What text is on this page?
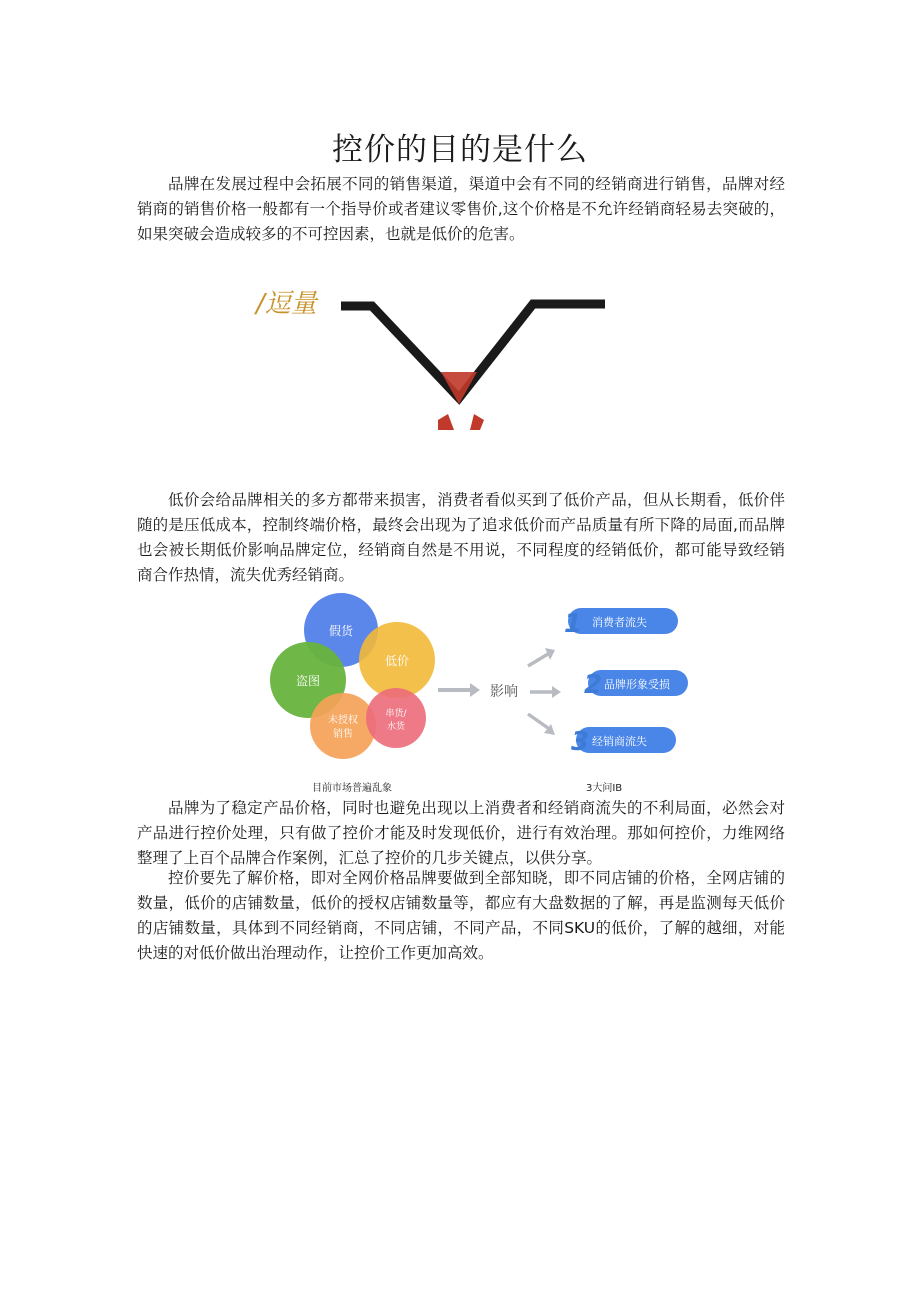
控价的目的是什么

品牌在发展过程中会拓展不同的销售渠道，渠道中会有不同的经销商进行销售，品牌对经销商的销售价格一般都有一个指导价或者建议零售价,这个价格是不允许经销商轻易去突破的，如果突破会造成较多的不可控因素，也就是低价的危害。

/逗量

低价会给品牌相关的多方都带来损害，消费者看似买到了低价产品，但从长期看，低价伴随的是压低成本，控制终端价格，最终会出现为了追求低价而产品质量有所下降的局面,而品牌也会被长期低价影响品牌定位，经销商自然是不用说，不同程度的经销低价，都可能导致经销商合作热情，流失优秀经销商。

假货
低价
盗图
未授权
销售
串货/
水货
影响
1 消费者流失
2 品牌形象受损
3 经销商流失
目前市场普遍乱象	3大问IB

品牌为了稳定产品价格，同时也避免出现以上消费者和经销商流失的不利局面，必然会对产品进行控价处理，只有做了控价才能及时发现低价，进行有效治理。那如何控价，力维网络整理了上百个品牌合作案例，汇总了控价的几步关键点，以供分享。

控价要先了解价格，即对全网价格品牌要做到全部知晓，即不同店铺的价格，全网店铺的数量，低价的店铺数量，低价的授权店铺数量等，都应有大盘数据的了解，再是监测每天低价的店铺数量，具体到不同经销商，不同店铺，不同产品，不同SKU的低价，了解的越细，对能快速的对低价做出治理动作，让控价工作更加高效。
